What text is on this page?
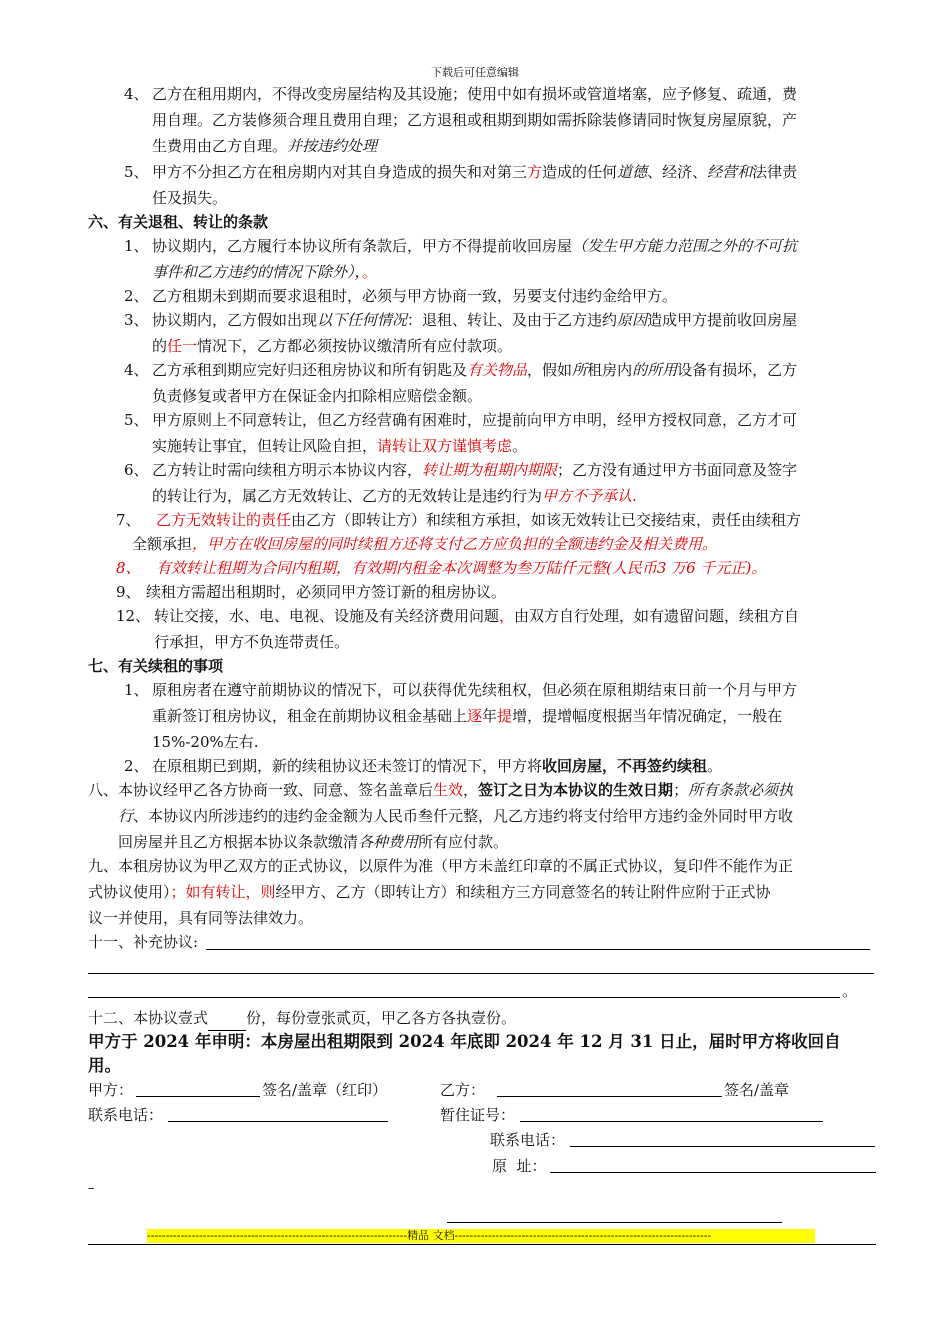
下载后可任意编辑
4、 乙方在租用期内，不得改变房屋结构及其设施；使用中如有损坏或管道堵塞，应予修复、疏通，费
用自理。乙方装修须合理且费用自理；乙方退租或租期到期如需拆除装修请同时恢复房屋原貌，产
生费用由乙方自理。并按违约处理
5、 甲方不分担乙方在租房期内对其自身造成的损失和对第三方造成的任何道德、经济、经营和法律责
任及损失。
六、有关退租、转让的条款
1、 协议期内，乙方履行本协议所有条款后，甲方不得提前收回房屋（发生甲方能力范围之外的不可抗
事件和乙方违约的情况下除外），。
2、 乙方租期未到期而要求退租时，必须与甲方协商一致，另要支付违约金给甲方。
3、 协议期内，乙方假如出现以下任何情况：退租、转让、及由于乙方违约原因造成甲方提前收回房屋
的任一情况下，乙方都必须按协议缴清所有应付款项。
4、 乙方承租到期应完好归还租房协议和所有钥匙及有关物品，假如所租房内的所用设备有损坏，乙方
负责修复或者甲方在保证金内扣除相应赔偿金额。
5、 甲方原则上不同意转让，但乙方经营确有困难时，应提前向甲方申明，经甲方授权同意，乙方才可
实施转让事宜，但转让风险自担，请转让双方谨慎考虑。
6、 乙方转让时需向续租方明示本协议内容，转让期为租期内期限；乙方没有通过甲方书面同意及签字
的转让行为，属乙方无效转让、乙方的无效转让是违约行为甲方不予承认.
7、 乙方无效转让的责任由乙方（即转让方）和续租方承担，如该无效转让已交接结束，责任由续租方
全额承担，甲方在收回房屋的同时续租方还将支付乙方应负担的全额违约金及相关费用。
8、 有效转让租期为合同内租期，有效期内租金本次调整为叁万陆仟元整(人民币3 万6 千元正)。
9、 续租方需超出租期时，必须同甲方签订新的租房协议。
12、 转让交接，水、电、电视、设施及有关经济费用问题，由双方自行处理，如有遗留问题，续租方自
行承担，甲方不负连带责任。
七、有关续租的事项
1、 原租房者在遵守前期协议的情况下，可以获得优先续租权，但必须在原租期结束日前一个月与甲方
重新签订租房协议，租金在前期协议租金基础上逐年提增，提增幅度根据当年情况确定，一般在
15%-20%左右.
2、 在原租期已到期，新的续租协议还未签订的情况下，甲方将收回房屋，不再签约续租。
八、本协议经甲乙各方协商一致、同意、签名盖章后生效，签订之日为本协议的生效日期；所有条款必须执
行、本协议内所涉违约的违约金金额为人民币叁仟元整，凡乙方违约将支付给甲方违约金外同时甲方收
回房屋并且乙方根据本协议条款缴清各种费用所有应付款。
九、本租房协议为甲乙双方的正式协议，以原件为准（甲方未盖红印章的不属正式协议，复印件不能作为正
式协议使用）；如有转让，则经甲方、乙方（即转让方）和续租方三方同意签名的转让附件应附于正式协
议一并使用，具有同等法律效力。
十一、补充协议:
。
十二、本协议壹式	份，每份壹张贰页，甲乙各方各执壹份。
甲方于 2024 年申明：本房屋出租期限到 2024 年底即 2024 年 12 月 31 日止，届时甲方将收回自
用。
甲方：	签名/盖章（红印）	乙方：	签名/盖章
联系电话：	暂住证号：
联系电话：
原  址：
–
----------------------------------------------------------------------精品 文档---------------------------------------------------------------------
